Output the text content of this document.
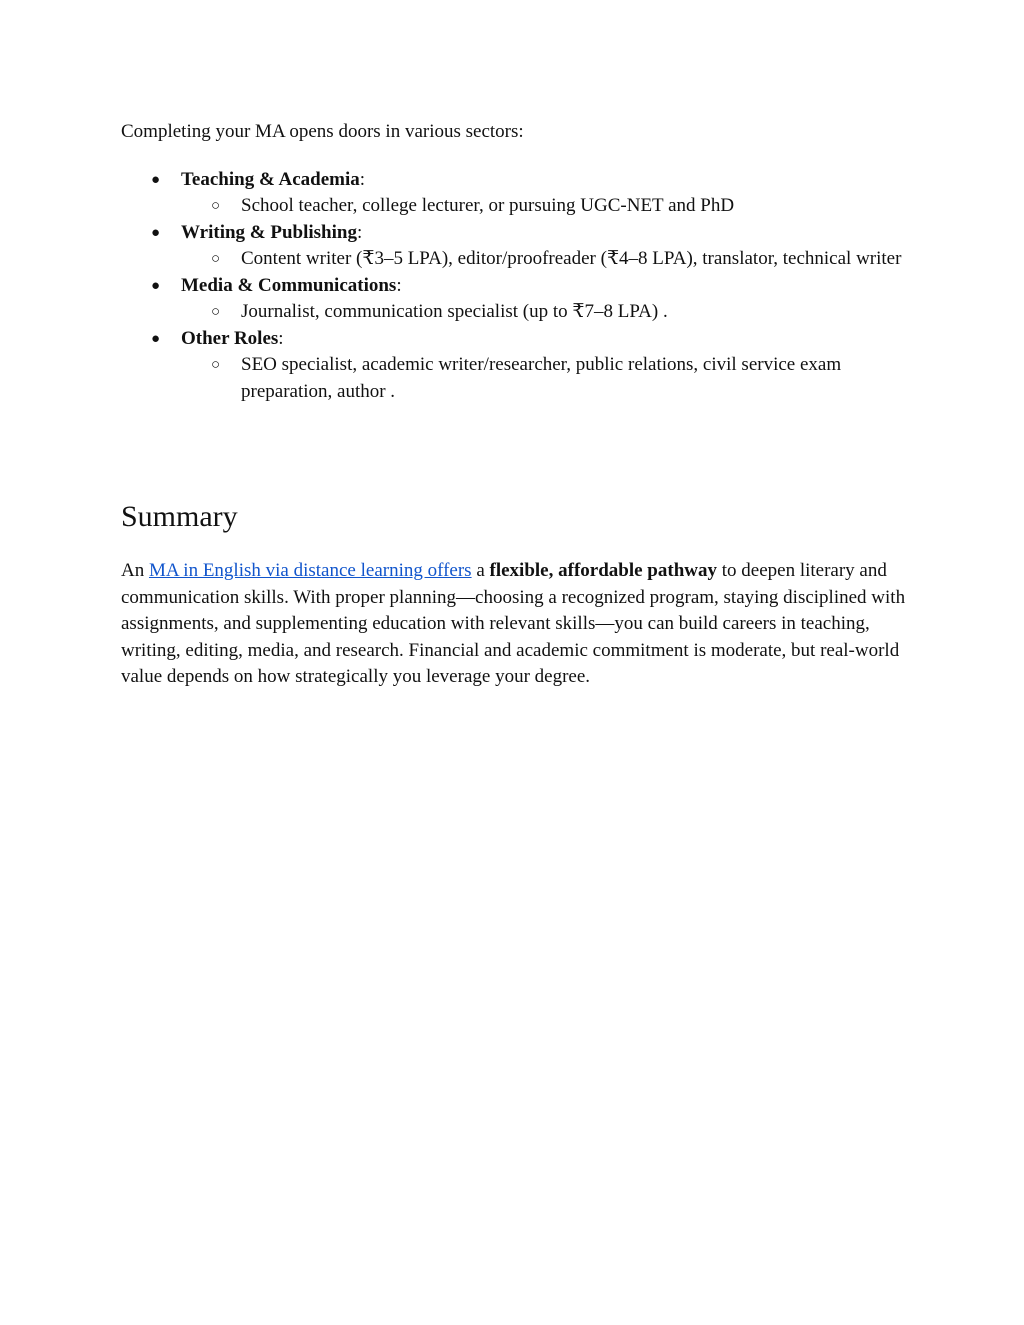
Completing your MA opens doors in various sectors:

●	Teaching & Academia:
○ School teacher, college lecturer, or pursuing UGC-NET and PhD
●	Writing & Publishing:
○ Content writer (₹3–5 LPA), editor/proofreader (₹4–8 LPA), translator, technical writer
●	Media & Communications:
○ Journalist, communication specialist (up to ₹7–8 LPA) .
●	Other Roles:
○ SEO specialist, academic writer/researcher, public relations, civil service exam preparation, author .
Summary

An MA in English via distance learning offers a flexible, affordable pathway to deepen literary and communication skills. With proper planning—choosing a recognized program, staying disciplined with assignments, and supplementing education with relevant skills—you can build careers in teaching, writing, editing, media, and research. Financial and academic commitment is moderate, but real-world value depends on how strategically you leverage your degree.
